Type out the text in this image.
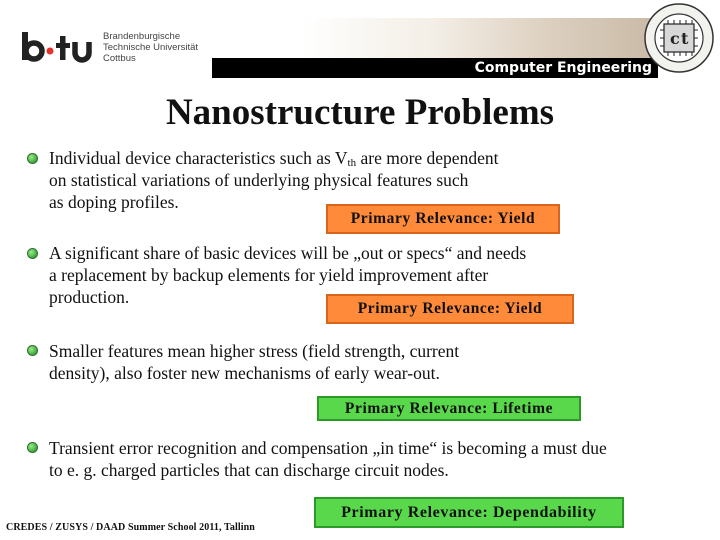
Brandenburgische
Technische Universität
Cottbus
Computer Engineering
c t
Nanostructure Problems
Individual device characteristics such as $V_{th}$ are more dependent
on statistical variations of underlying physical features such
as doping profiles.
Primary Relevance: Yield
A significant share of basic devices will be „out or specs“ and needs
a replacement by backup elements for yield improvement after
production.
Primary Relevance: Yield
Smaller features mean higher stress (field strength, current
density), also foster new mechanisms of early wear-out.
Primary Relevance: Lifetime
Transient error recognition and compensation „in time“ is becoming a must due
to e. g. charged particles that can discharge circuit nodes.
Primary Relevance: Dependability
CREDES / ZUSYS / DAAD Summer School 2011, Tallinn
